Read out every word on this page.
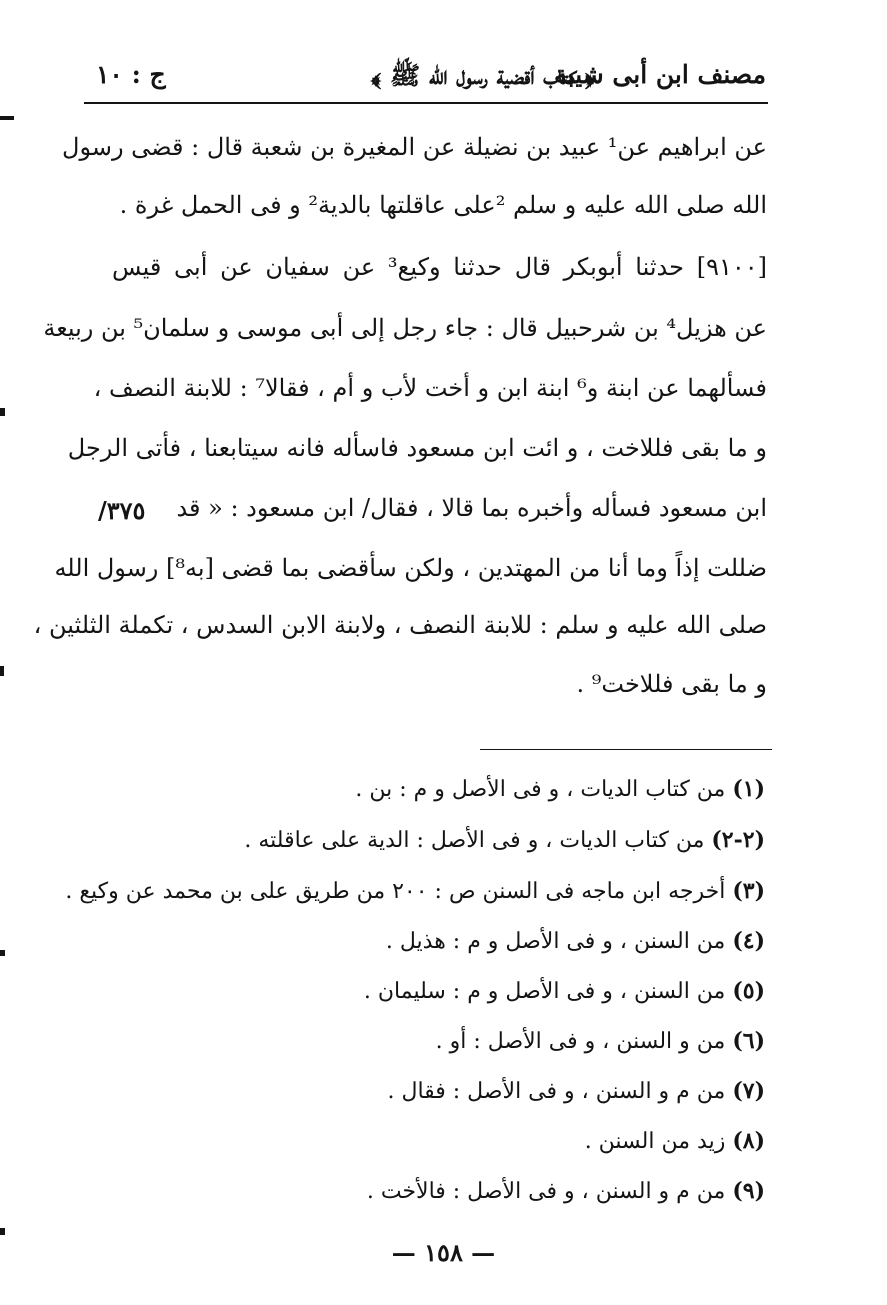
مصنف ابن أبى شيبة
﴿ كتاب أقضية رسول الله ﷺ ﴾
ج : ١٠
عن ابراهيم عن¹ عبيد بن نضيلة عن المغيرة بن شعبة قال : قضى رسول
الله صلى الله عليه و سلم ²على عاقلتها بالدية² و فى الحمل غرة .
[٩١٠٠] حدثنا أبوبكر قال حدثنا وكيع³ عن سفيان عن أبى قيس
عن هزيل⁴ بن شرحبيل قال : جاء رجل إلى أبى موسى و سلمان⁵ بن ربيعة
فسألهما عن ابنة و⁶ ابنة ابن و أخت لأب و أم ، فقالا⁷ : للابنة النصف ،
و ما بقى فللاخت ، و ائت ابن مسعود فاسأله فانه سيتابعنا ، فأتى الرجل
ابن مسعود فسأله وأخبره بما قالا ، فقال/ ابن مسعود : « قد
٣٧٥/
ضللت إذاً وما أنا من المهتدين ، ولكن سأقضى بما قضى [به⁸] رسول الله
صلى الله عليه و سلم : للابنة النصف ، ولابنة الابن السدس ، تكملة الثلثين ،
و ما بقى فللاخت⁹ .
(١) من كتاب الديات ، و فى الأصل و م : بن .
(٢-٢) من كتاب الديات ، و فى الأصل : الدية على عاقلته .
(٣) أخرجه ابن ماجه فى السنن ص : ٢٠٠ من طريق على بن محمد عن وكيع .
(٤) من السنن ، و فى الأصل و م : هذيل .
(٥) من السنن ، و فى الأصل و م : سليمان .
(٦) من و السنن ، و فى الأصل : أو .
(٧) من م و السنن ، و فى الأصل : فقال .
(٨) زيد من السنن .
(٩) من م و السنن ، و فى الأصل : فالأخت .
— ١٥٨ —
